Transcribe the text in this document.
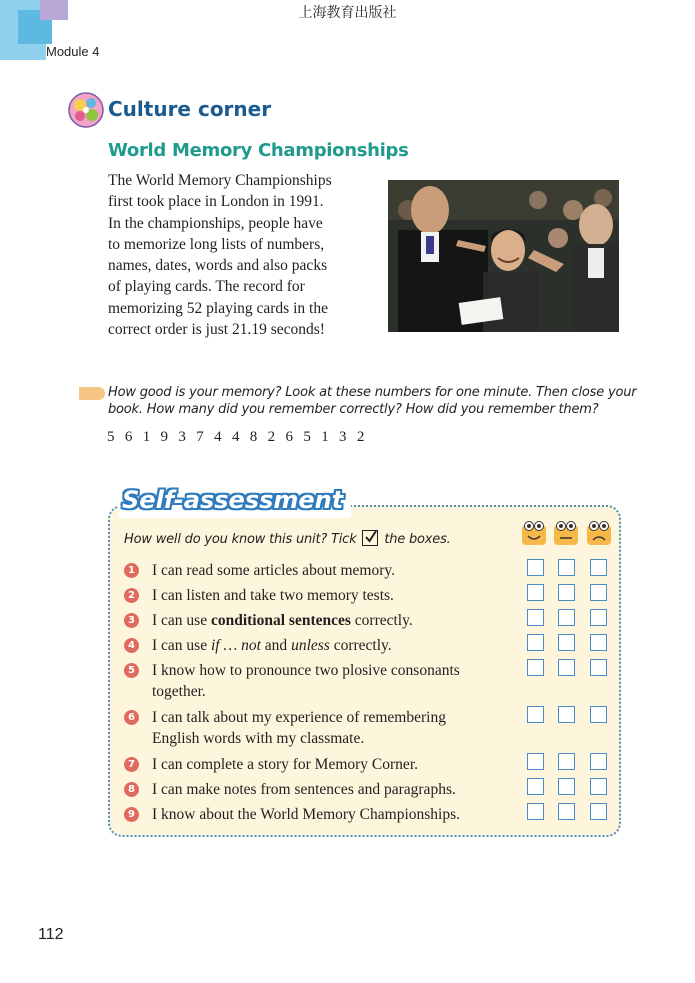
上海教育出版社
Module 4
Culture corner
World Memory Championships
The World Memory Championships
first took place in London in 1991.
In the championships, people have
to memorize long lists of numbers,
names, dates, words and also packs
of playing cards. The record for
memorizing 52 playing cards in the
correct order is just 21.19 seconds!
How good is your memory? Look at these numbers for one minute. Then close your
book. How many did you remember correctly? How did you remember them?
5 6 1 9 3 7 4 4 8 2 6 5 1 3 2
Self-assessment
How well do you know this unit? Tick the boxes.
1 I can read some articles about memory.
2 I can listen and take two memory tests.
3 I can use conditional sentences correctly.
4 I can use if … not and unless correctly.
5 I know how to pronounce two plosive consonants
together.
6 I can talk about my experience of remembering
English words with my classmate.
7 I can complete a story for Memory Corner.
8 I can make notes from sentences and paragraphs.
9 I know about the World Memory Championships.
112
